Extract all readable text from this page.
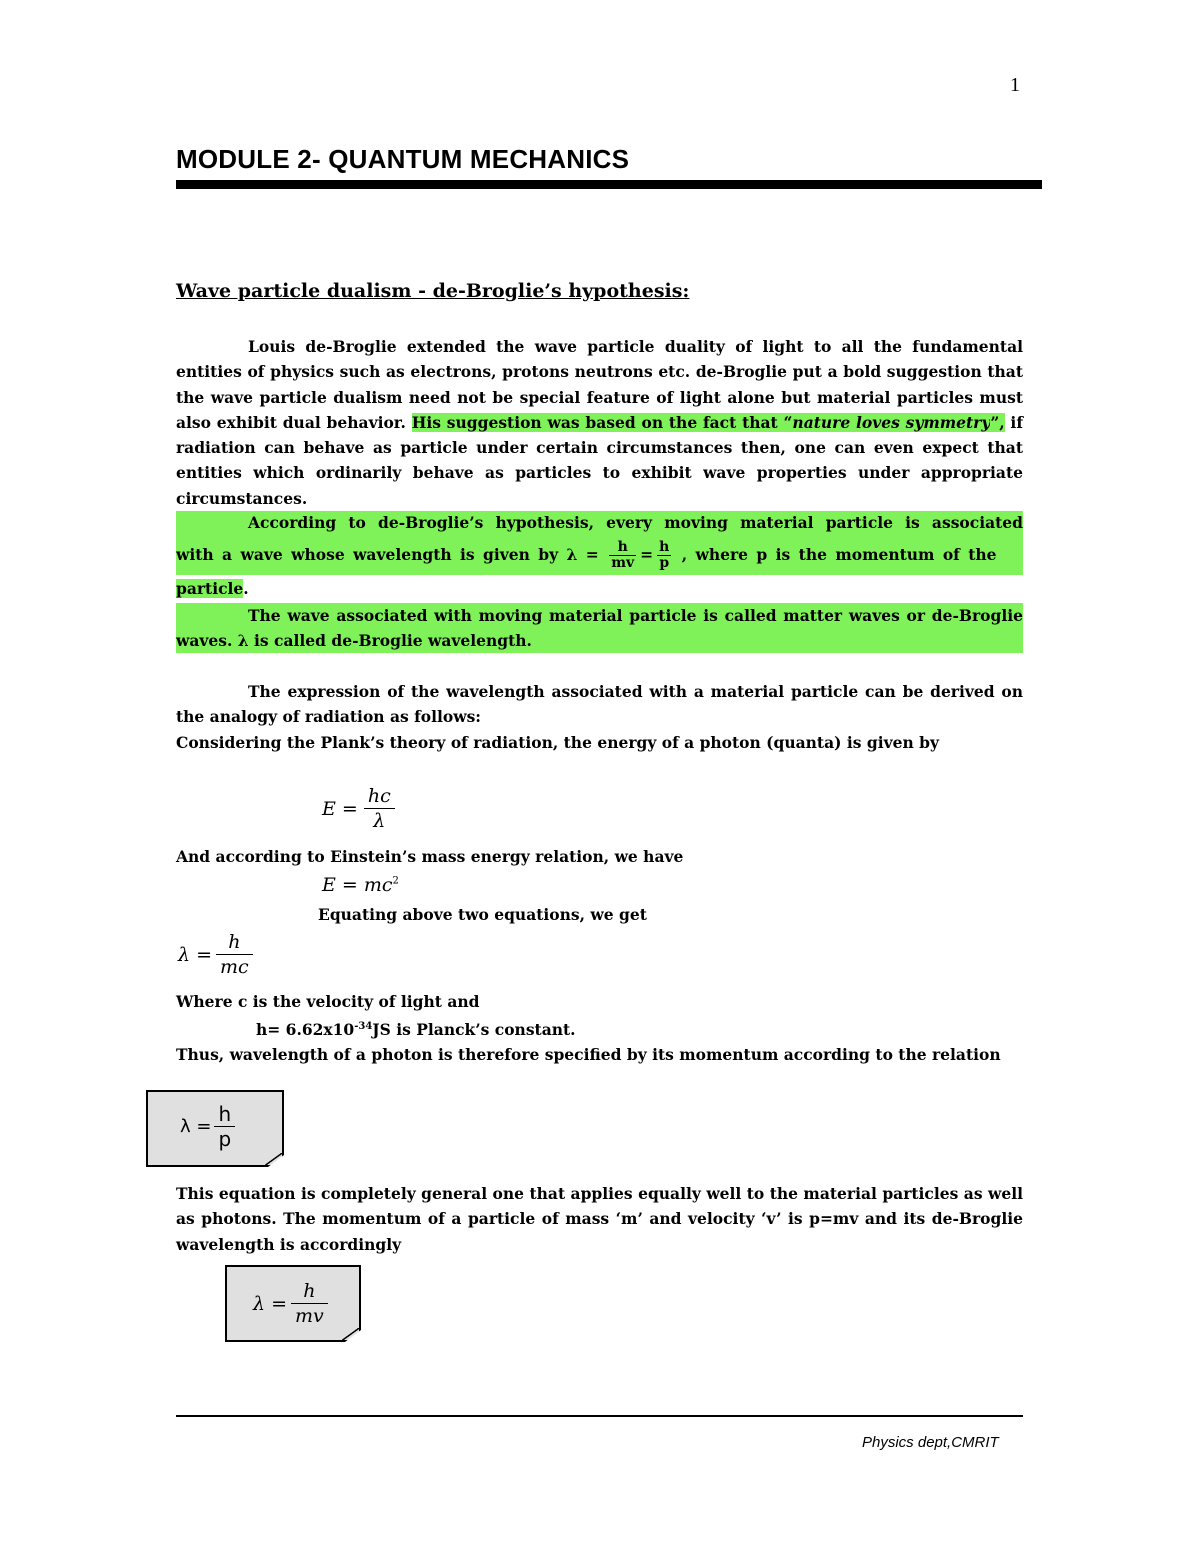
1
MODULE 2- QUANTUM MECHANICS
Wave particle dualism - de-Broglie’s hypothesis:
Louis de-Broglie extended the wave particle duality of light to all the fundamental entities of physics such as electrons, protons neutrons etc. de-Broglie put a bold suggestion that the wave particle dualism need not be special feature of light alone but material particles must also exhibit dual behavior. His suggestion was based on the fact that “nature loves symmetry”, if radiation can behave as particle under certain circumstances then, one can even expect that entities which ordinarily behave as particles to exhibit wave properties under appropriate circumstances.
According to de-Broglie’s hypothesis, every moving material particle is associated
with a wave whose wavelength is given by $\lambda = \frac{h}{mv} = \frac{h}{p}$ , where p is the momentum of the
particle.
The wave associated with moving material particle is called matter waves or de-Broglie waves. λ is called de-Broglie wavelength.
The expression of the wavelength associated with a material particle can be derived on the analogy of radiation as follows:
Considering the Plank’s theory of radiation, the energy of a photon (quanta) is given by
$E = \frac{hc}{\lambda}$
And according to Einstein’s mass energy relation, we have
$E = mc^2$
Equating above two equations, we get
$\lambda = \frac{h}{mc}$
Where c is the velocity of light and
$h= 6.62x10^{-34}JS$ is Planck’s constant.
Thus, wavelength of a photon is therefore specified by its momentum according to the relation
$\lambda = \frac{h}{p}$
This equation is completely general one that applies equally well to the material particles as well as photons. The momentum of a particle of mass ‘m’ and velocity ‘v’ is p=mv and its de-Broglie wavelength is accordingly
$\lambda = \frac{h}{mv}$
Physics dept,CMRIT
